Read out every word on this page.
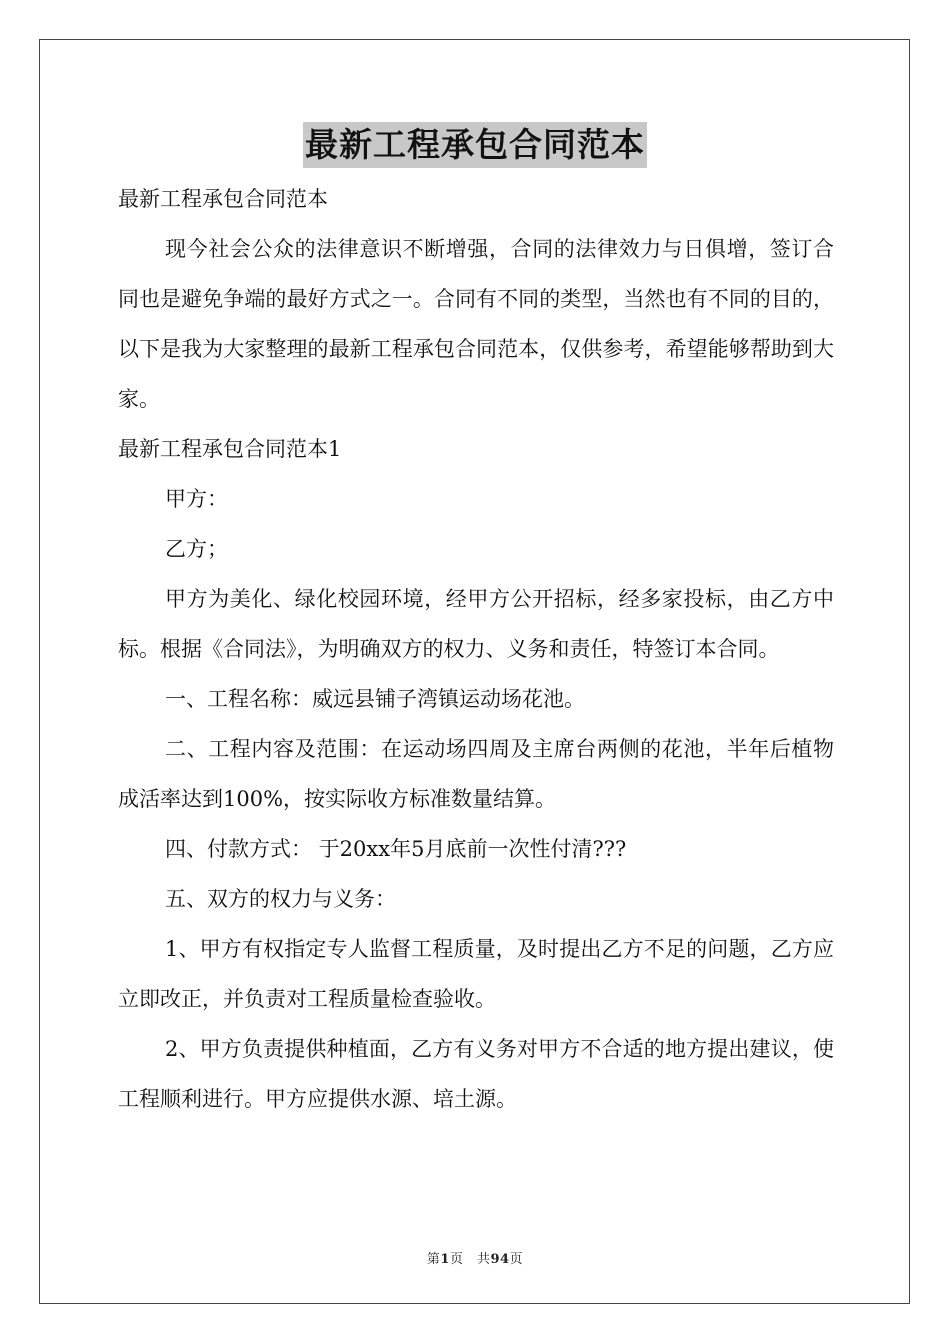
最新工程承包合同范本

最新工程承包合同范本

现今社会公众的法律意识不断增强，合同的法律效力与日俱增，签订合同也是避免争端的最好方式之一。合同有不同的类型，当然也有不同的目的，以下是我为大家整理的最新工程承包合同范本，仅供参考，希望能够帮助到大家。

最新工程承包合同范本1

甲方：

乙方；

甲方为美化、绿化校园环境，经甲方公开招标，经多家投标，由乙方中标。根据《合同法》，为明确双方的权力、义务和责任，特签订本合同。

一、工程名称：威远县铺子湾镇运动场花池。

二、工程内容及范围：在运动场四周及主席台两侧的花池，半年后植物成活率达到100%，按实际收方标准数量结算。

四、付款方式： 于20xx年5月底前一次性付清???

五、双方的权力与义务：

1、甲方有权指定专人监督工程质量，及时提出乙方不足的问题，乙方应立即改正，并负责对工程质量检查验收。

2、甲方负责提供种植面，乙方有义务对甲方不合适的地方提出建议，使工程顺利进行。甲方应提供水源、培土源。

第1页　共94页
